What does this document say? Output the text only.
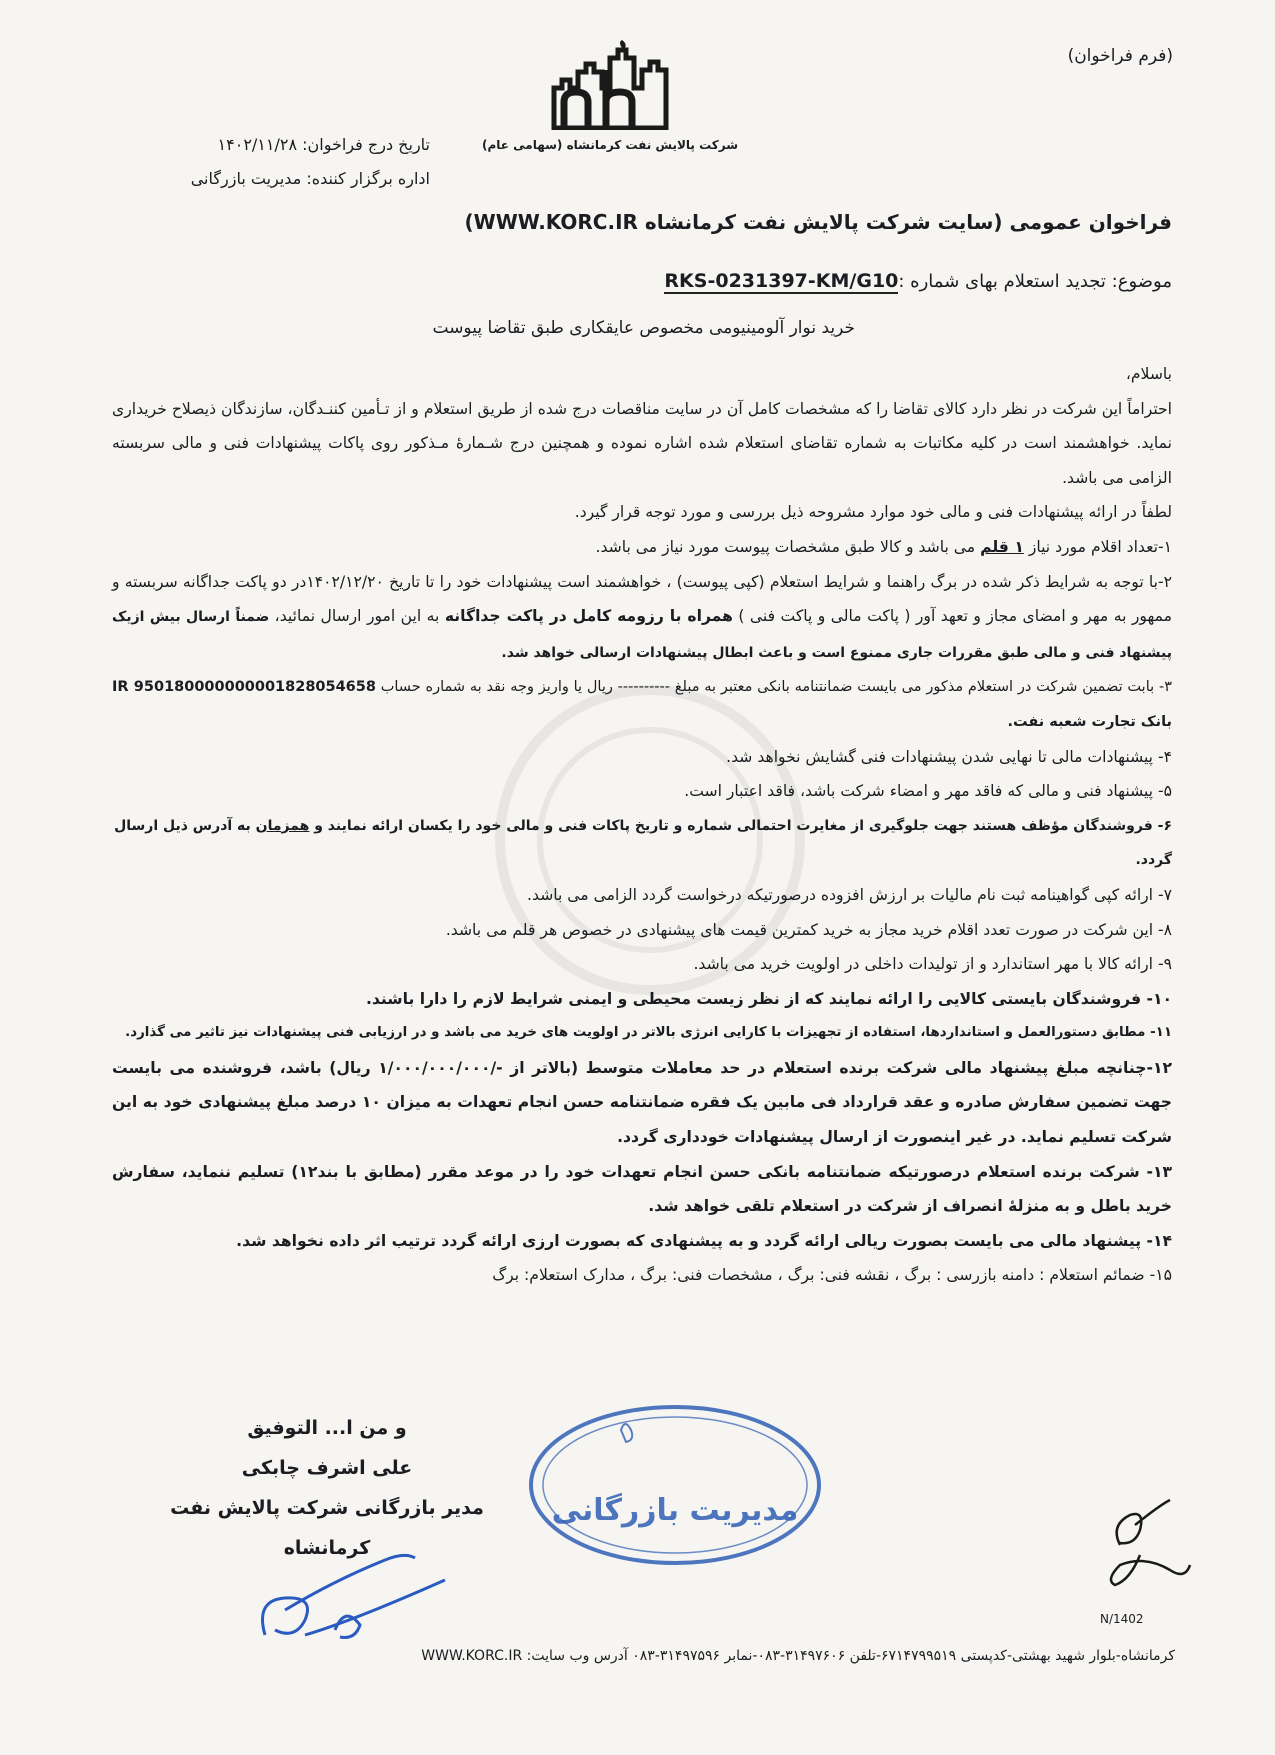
(فرم فراخوان)
شرکت پالایش نفت کرمانشاه (سهامی عام)
تاریخ درج فراخوان: ۱۴۰۲/۱۱/۲۸
اداره برگزار کننده: مدیریت بازرگانی
فراخوان عمومی (سایت شرکت پالایش نفت کرمانشاه WWW.KORC.IR)
موضوع: تجدید استعلام بهای شماره :RKS-0231397-KM/G10
خرید نوار آلومینیومی مخصوص عایقکاری طبق تقاضا پیوست

باسلام،

احتراماً این شرکت در نظر دارد کالای تقاضا را که مشخصات کامل آن در سایت مناقصات درج شده از طریق استعلام و از تـأمین کننـدگان، سازندگان ذیصلاح خریداری نماید. خواهشمند است در کلیه مکاتبات به شماره تقاضای استعلام شده اشاره نموده و همچنین درج شـمارهٔ مـذکور روی پاکات پیشنهادات فنی و مالی سربسته الزامی می باشد.

لطفاً در ارائه پیشنهادات فنی و مالی خود موارد مشروحه ذیل بررسی و مورد توجه قرار گیرد.

۱-تعداد اقلام مورد نیاز ۱ قلم می باشد و کالا طبق مشخصات پیوست مورد نیاز می باشد.

۲-با توجه به شرایط ذکر شده در برگ راهنما و شرایط استعلام (کپی پیوست) ، خواهشمند است پیشنهادات خود را تا تاریخ ۱۴۰۲/۱۲/۲۰در دو پاکت جداگانه سربسته و ممهور به مهر و امضای مجاز و تعهد آور ( پاکت مالی و پاکت فنی ) همراه با رزومه کامل در پاکت جداگانه به این امور ارسال نمائید، ضمناً ارسال بیش ازیک پیشنهاد فنی و مالی طبق مقررات جاری ممنوع است و باعث ابطال پیشنهادات ارسالی خواهد شد.

۳- بابت تضمین شرکت در استعلام مذکور می بایست ضمانتنامه بانکی معتبر به مبلغ ---------- ریال یا واریز وجه نقد به شماره حساب IR 950180000000001828054658 بانک تجارت شعبه نفت.

۴- پیشنهادات مالی تا نهایی شدن پیشنهادات فنی گشایش نخواهد شد.

۵- پیشنهاد فنی و مالی که فاقد مهر و امضاء شرکت باشد، فاقد اعتبار است.

۶- فروشندگان مؤظف هستند جهت جلوگیری از مغایرت احتمالی شماره و تاریخ پاکات فنی و مالی خود را یکسان ارائه نمایند و همزمان به آدرس ذیل ارسال گردد.

۷- ارائه کپی گواهینامه ثبت نام مالیات بر ارزش افزوده درصورتیکه درخواست گردد الزامی می باشد.

۸- این شرکت در صورت تعدد اقلام خرید مجاز به خرید کمترین قیمت های پیشنهادی در خصوص هر قلم می باشد.

۹- ارائه کالا با مهر استاندارد و از تولیدات داخلی در اولویت خرید می باشد.

۱۰- فروشندگان بایستی کالایی را ارائه نمایند که از نظر زیست محیطی و ایمنی شرایط لازم را دارا باشند.

۱۱- مطابق دستورالعمل و استانداردها، استفاده از تجهیزات با کارایی انرژی بالاتر در اولویت های خرید می باشد و در ارزیابی فنی پیشنهادات نیز تاثیر می گذارد.

۱۲-چنانچه مبلغ پیشنهاد مالی شرکت برنده استعلام در حد معاملات متوسط (بالاتر از -/۱/۰۰۰/۰۰۰/۰۰۰ ریال) باشد، فروشنده می بایست جهت تضمین سفارش صادره و عقد قرارداد فی مابین یک فقره ضمانتنامه حسن انجام تعهدات به میزان ۱۰ درصد مبلغ پیشنهادی خود به این شرکت تسلیم نماید. در غیر اینصورت از ارسال پیشنهادات خودداری گردد.

۱۳- شرکت برنده استعلام درصورتیکه ضمانتنامه بانکی حسن انجام تعهدات خود را در موعد مقرر (مطابق با بند۱۲) تسلیم ننماید، سفارش خرید باطل و به منزلهٔ انصراف از شرکت در استعلام تلقی خواهد شد.

۱۴- پیشنهاد مالی می بایست بصورت ریالی ارائه گردد و به پیشنهادی که بصورت ارزی ارائه گردد ترتیب اثر داده نخواهد شد.

۱۵- ضمائم استعلام : دامنه بازرسی : برگ ، نقشه فنی: برگ ، مشخصات فنی: برگ ، مدارک استعلام: برگ

و من ا... التوفیق
علی اشرف چابکی
مدیر بازرگانی شرکت پالایش نفت کرمانشاه
مدیریت بازرگانی
N/1402
کرمانشاه-بلوار شهید بهشتی-کدپستی ۶۷۱۴۷۹۹۵۱۹-تلفن ۳۱۴۹۷۶۰۶-۰۸۳-نمابر ۳۱۴۹۷۵۹۶-۰۸۳ آدرس وب سایت: WWW.KORC.IR
